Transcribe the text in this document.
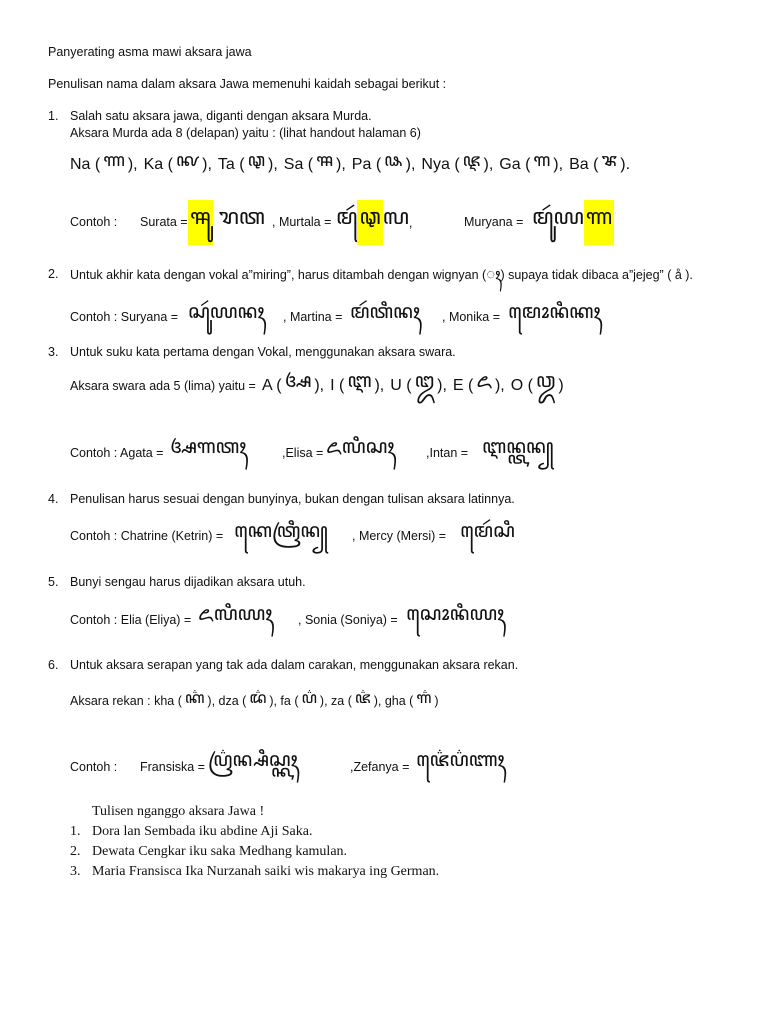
Panyerating asma mawi aksara jawa
Penulisan nama dalam aksara Jawa memenuhi kaidah sebagai berikut :
1. Salah satu aksara jawa, diganti dengan aksara Murda.
Aksara Murda ada 8 (delapan) yaitu : (lihat handout halaman 6)
Na ( ꦟ ), Ka ( ꦑ ), Ta ( ꦡ ), Sa ( ꦯ ), Pa ( ꦦ ), Nya ( ꦘ ), Ga ( ꦒ ), Ba ( ꦨ ).
Contoh : Surata = ꦯꦸ ꦫꦠ , Murtala = ꦩꦸꦂ ꦡ ꦭ ,	Muryana = ꦩꦸꦂꦪ ꦟ
2. Untuk akhir kata dengan vokal a”miring”, harus ditambah dengan wignyan (ꦃ) supaya tidak dibaca a”jejeg” ( å ).
Contoh : Suryana = ꦱꦸꦂꦪꦤꦃ , Martina = ꦩꦂꦠꦶꦤꦃ , Monika = ꦩꦺꦴꦤꦶꦏꦃ
3. Untuk suku kata pertama dengan Vokal, menggunakan aksara swara.
Aksara swara ada 5 (lima) yaitu = A ( ꦄ ), I ( ꦆ ), U ( ꦈ ), E ( ꦌ ), O ( ꦎ )
Contoh : Agata = ꦄꦒꦠꦃ	,Elisa = ꦌꦭꦶꦱꦃ	,Intan = ꦆꦤ꧀ꦠꦤ꧀
4. Penulisan harus sesuai dengan bunyinya, bukan dengan tulisan aksara latinnya.
Contoh : Chatrine (Ketrin) = ꦏꦺꦠꦿꦶꦤ꧀ , Mercy (Mersi) = ꦩꦺꦂꦱꦶ
5. Bunyi sengau harus dijadikan aksara utuh.
Contoh : Elia (Eliya) = ꦌꦭꦶꦪꦃ , Sonia (Soniya) = ꦱꦺꦴꦤꦶꦪꦃ
6. Untuk aksara serapan yang tak ada dalam carakan, menggunakan aksara rekan.
Aksara rekan : kha ( ꦏ꦳ ), dza ( ꦢ꦳ ), fa ( ꦥ꦳ ), za ( ꦗ꦳ ), gha ( ꦒ꦳ )
Contoh : Fransiska = ꦥ꦳ꦿꦤ꧀ꦱꦶꦱ꧀ꦏꦃ	,Zefanya = ꦗ꦳ꦺꦥ꦳ꦚꦃ
Tulisen nganggo aksara Jawa !
1. Dora lan Sembada iku abdine Aji Saka.
2. Dewata Cengkar iku saka Medhang kamulan.
3. Maria Fransisca Ika Nurzanah saiki wis makarya ing German.
